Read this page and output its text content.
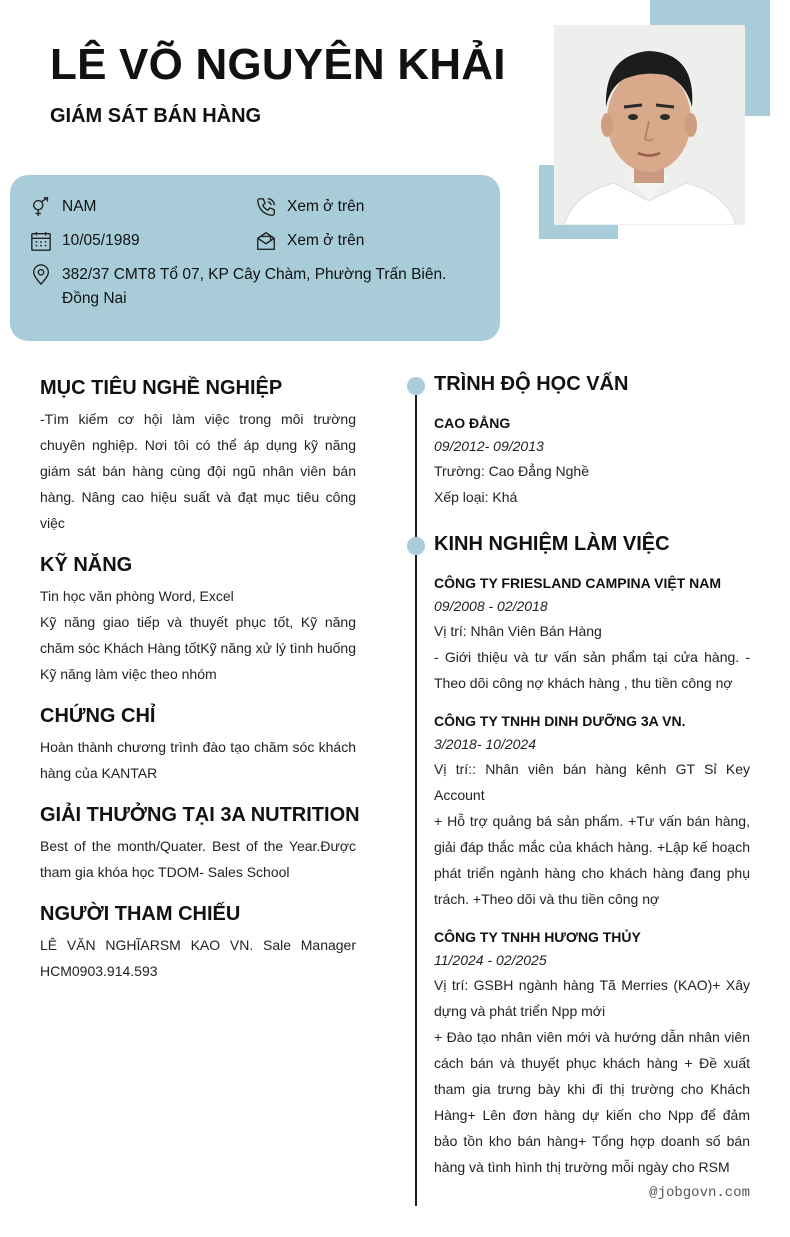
LÊ VÕ NGUYÊN KHẢI
GIÁM SÁT BÁN HÀNG
NAM
10/05/1989
382/37 CMT8 Tổ 07, KP Cây Chàm, Phường Trấn Biên. Đồng Nai
Xem ở trên
Xem ở trên
MỤC TIÊU NGHỀ NGHIỆP
-Tìm kiếm cơ hội làm việc trong môi trường chuyên nghiệp. Nơi tôi có thể áp dụng kỹ năng giám sát bán hàng cùng đội ngũ nhân viên bán hàng. Nâng cao hiệu suất và đạt mục tiêu công việc
KỸ NĂNG
Tin học văn phòng Word, Excel
Kỹ năng giao tiếp và thuyết phục tốt, Kỹ năng chăm sóc Khách Hàng tốtKỹ năng xử lý tình huống Kỹ năng làm việc theo nhóm
CHỨNG CHỈ
Hoàn thành chương trình đào tạo chăm sóc khách hàng của KANTAR
GIẢI THƯỞNG TẠI 3A NUTRITION
Best of the month/Quater. Best of the Year.Được tham gia khóa học TDOM- Sales School
NGƯỜI THAM CHIẾU
LÊ VĂN NGHĨARSM KAO VN. Sale Manager HCM0903.914.593
TRÌNH ĐỘ HỌC VẤN
CAO ĐẲNG
09/2012- 09/2013
Trường: Cao Đẳng Nghề
Xếp loại: Khá
KINH NGHIỆM LÀM VIỆC
CÔNG TY FRIESLAND CAMPINA VIỆT NAM
09/2008 - 02/2018
Vị trí: Nhân Viên Bán Hàng
- Giới thiệu và tư vấn sản phẩm tại cửa hàng. - Theo dõi công nợ khách hàng , thu tiền công nợ
CÔNG TY TNHH DINH DƯỠNG 3A VN.
3/2018- 10/2024
Vị trí:: Nhân viên bán hàng kênh GT Sỉ Key Account
+ Hỗ trợ quảng bá sản phẩm. +Tư vấn bán hàng, giải đáp thắc mắc của khách hàng. +Lập kế hoạch phát triển ngành hàng cho khách hàng đang phụ trách. +Theo dõi và thu tiền công nợ
CÔNG TY TNHH HƯƠNG THỦY
11/2024 - 02/2025
Vị trí: GSBH ngành hàng Tã Merries (KAO)+ Xây dựng và phát triển Npp mới
+ Đào tạo nhân viên mới và hướng dẫn nhân viên cách bán và thuyết phục khách hàng + Đề xuất tham gia trưng bày khi đi thị trường cho Khách Hàng+ Lên đơn hàng dự kiến cho Npp để đảm bảo tồn kho bán hàng+ Tổng hợp doanh số bán hàng và tình hình thị trường mỗi ngày cho RSM
@jobgovn.com
